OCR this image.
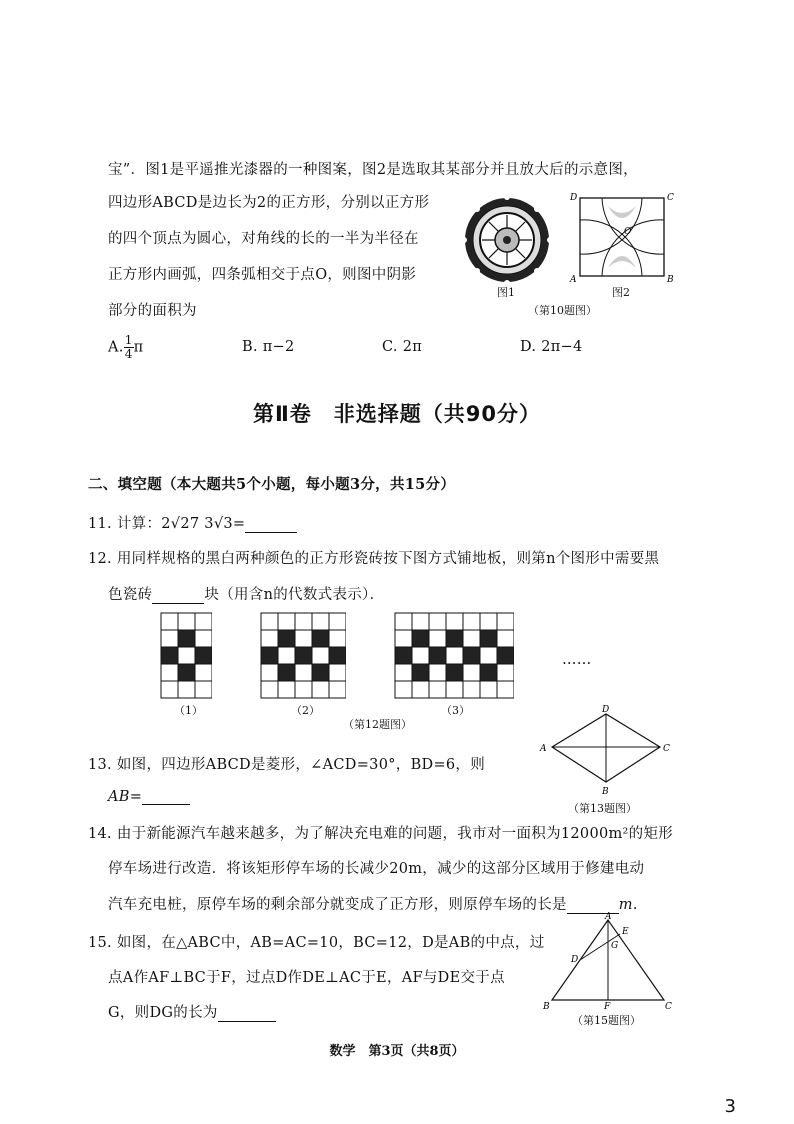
宝”．图1是平遥推光漆器的一种图案，图2是选取其某部分并且放大后的示意图，
四边形ABCD是边长为2的正方形，分别以正方形
的四个顶点为圆心，对角线的长的一半为半径在
正方形内画弧，四条弧相交于点O，则图中阴影
部分的面积为
A. $\frac{1}{4}$ π	B. π−2	C. 2π	D. 2π−4
图1
D	C
A	B
O
图2
（第10题图）
第Ⅱ卷　非选择题（共90分）
二、填空题（本大题共5个小题，每小题3分，共15分）
11. 计算：2√27 3√3=
12. 用同样规格的黑白两种颜色的正方形瓷砖按下图方式铺地板，则第n个图形中需要黑
色瓷砖	块（用含n的代数式表示）．
（1）	（2）	（3）
（第12题图）
……
13. 如图，四边形ABCD是菱形，∠ACD=30°，BD=6，则
AB=
D
A	C
B
（第13题图）
14. 由于新能源汽车越来越多，为了解决充电难的问题，我市对一面积为12000m²的矩形
停车场进行改造．将该矩形停车场的长减少20m，减少的这部分区域用于修建电动
汽车充电桩，原停车场的剩余部分就变成了正方形，则原停车场的长是	m.
15. 如图，在△ABC中，AB=AC=10，BC=12，D是AB的中点，过
点A作AF⊥BC于F，过点D作DE⊥AC于E，AF与DE交于点
G，则DG的长为
A
B	C
D
E
F
G
（第15题图）
数学　第3页（共8页）
3
